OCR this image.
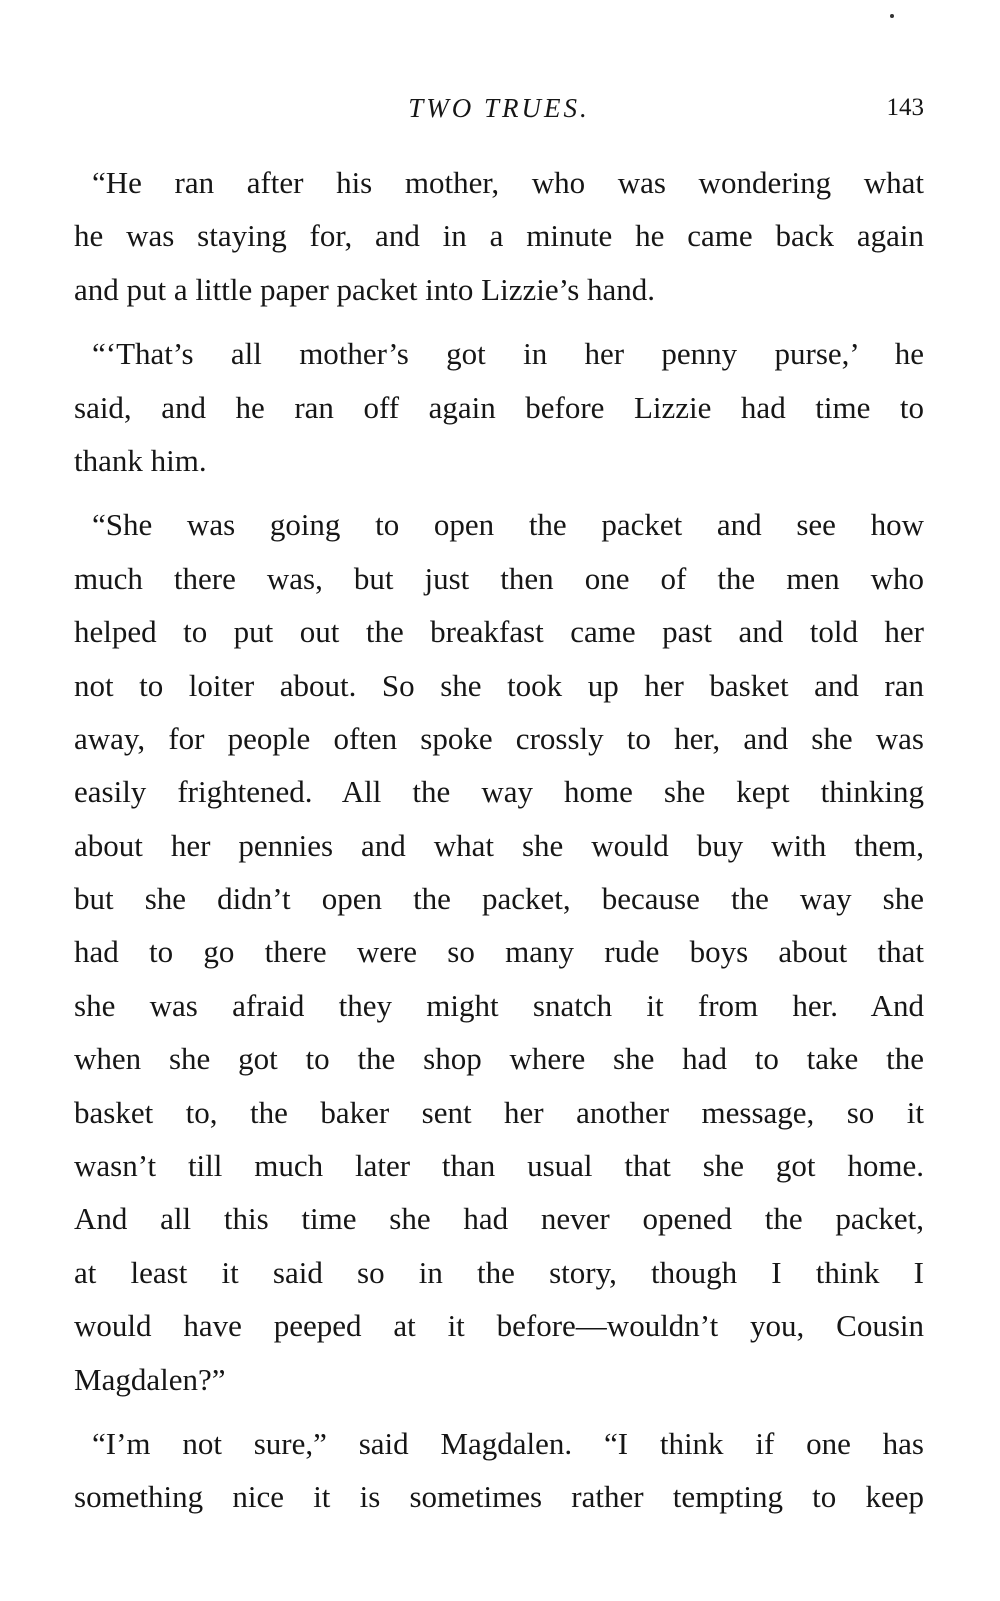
TWO TRUES.	143

“He ran after his mother, who was wondering what
he was staying for, and in a minute he came back again
and put a little paper packet into Lizzie’s hand.

“‘That’s all mother’s got in her penny purse,’ he
said, and he ran off again before Lizzie had time to
thank him.

“She was going to open the packet and see how
much there was, but just then one of the men who
helped to put out the breakfast came past and told her
not to loiter about. So she took up her basket and ran
away, for people often spoke crossly to her, and she was
easily frightened. All the way home she kept thinking
about her pennies and what she would buy with them,
but she didn’t open the packet, because the way she
had to go there were so many rude boys about that
she was afraid they might snatch it from her. And
when she got to the shop where she had to take the
basket to, the baker sent her another message, so it
wasn’t till much later than usual that she got home.
And all this time she had never opened the packet,
at least it said so in the story, though I think I
would have peeped at it before—wouldn’t you, Cousin
Magdalen?”

“I’m not sure,” said Magdalen. “I think if one has
something nice it is sometimes rather tempting to keep
